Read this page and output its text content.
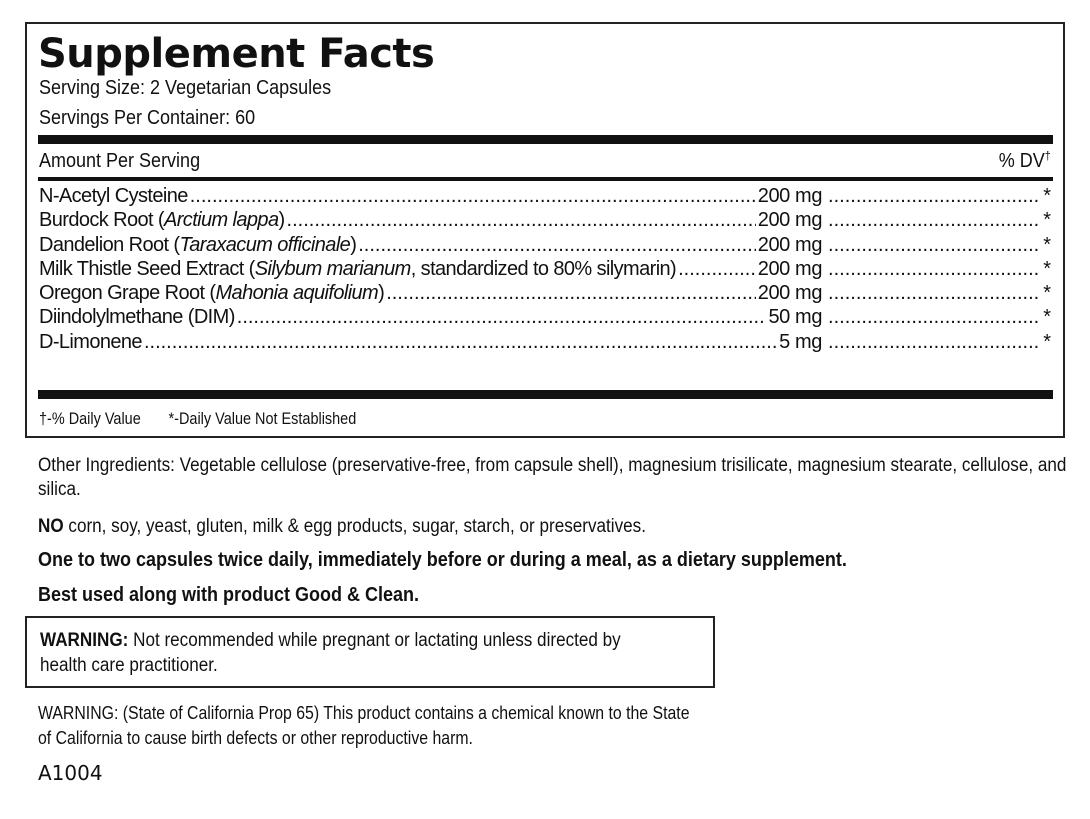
Supplement Facts
Serving Size: 2 Vegetarian Capsules
Servings Per Container: 60
Amount Per Serving	% DV†
N-Acetyl Cysteine .....	200 mg .....	*
Burdock Root (Arctium lappa) .....	200 mg .....	*
Dandelion Root (Taraxacum officinale) .....	200 mg .....	*
Milk Thistle Seed Extract (Silybum marianum, standardized to 80% silymarin) .....	200 mg .....	*
Oregon Grape Root (Mahonia aquifolium) .....	200 mg .....	*
Diindolylmethane (DIM) .....	50 mg .....	*
D-Limonene .....	5 mg .....	*
†-% Daily Value *-Daily Value Not Established
Other Ingredients: Vegetable cellulose (preservative-free, from capsule shell), magnesium trisilicate, magnesium stearate, cellulose, and silica.
NO corn, soy, yeast, gluten, milk & egg products, sugar, starch, or preservatives.
One to two capsules twice daily, immediately before or during a meal, as a dietary supplement.
Best used along with product Good & Clean.
WARNING: Not recommended while pregnant or lactating unless directed by health care practitioner.
WARNING: (State of California Prop 65) This product contains a chemical known to the State of California to cause birth defects or other reproductive harm.
A1004
